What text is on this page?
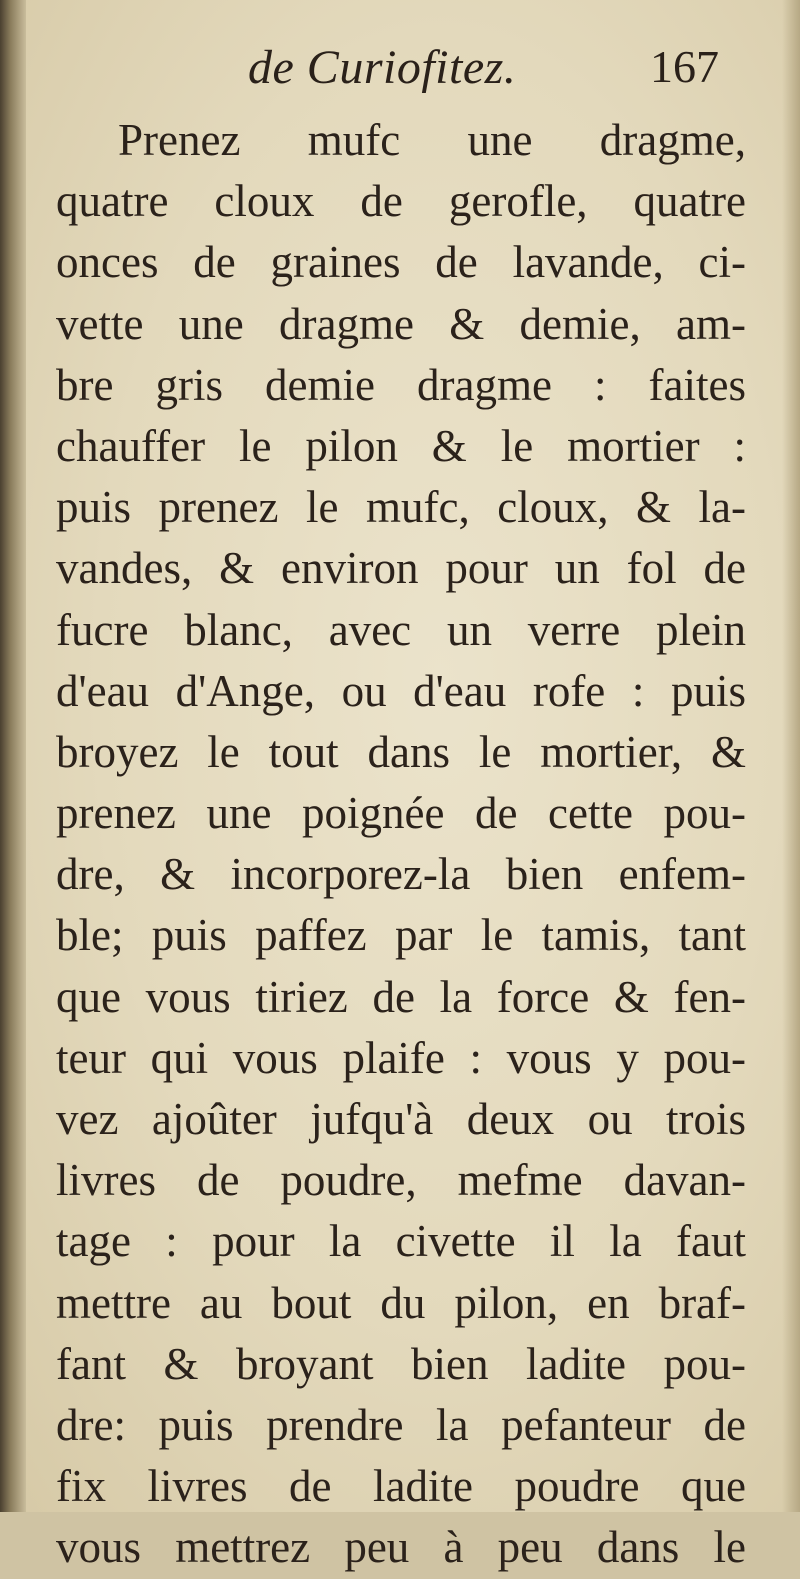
de Curiofitez.	167
Prenez mufc une dragme,
quatre cloux de gerofle, quatre
onces de graines de lavande, ci-
vette une dragme & demie, am-
bre gris demie dragme : faites
chauffer le pilon & le mortier :
puis prenez le mufc, cloux, & la-
vandes, & environ pour un fol de
fucre blanc, avec un verre plein
d'eau d'Ange, ou d'eau rofe : puis
broyez le tout dans le mortier, &
prenez une poignée de cette pou-
dre, & incorporez-la bien enfem-
ble; puis paffez par le tamis, tant
que vous tiriez de la force & fen-
teur qui vous plaife : vous y pou-
vez ajoûter jufqu'à deux ou trois
livres de poudre, mefme davan-
tage : pour la civette il la faut
mettre au bout du pilon, en braf-
fant & broyant bien ladite pou-
dre: puis prendre la pefanteur de
fix livres de ladite poudre que
vous mettrez peu à peu dans le
